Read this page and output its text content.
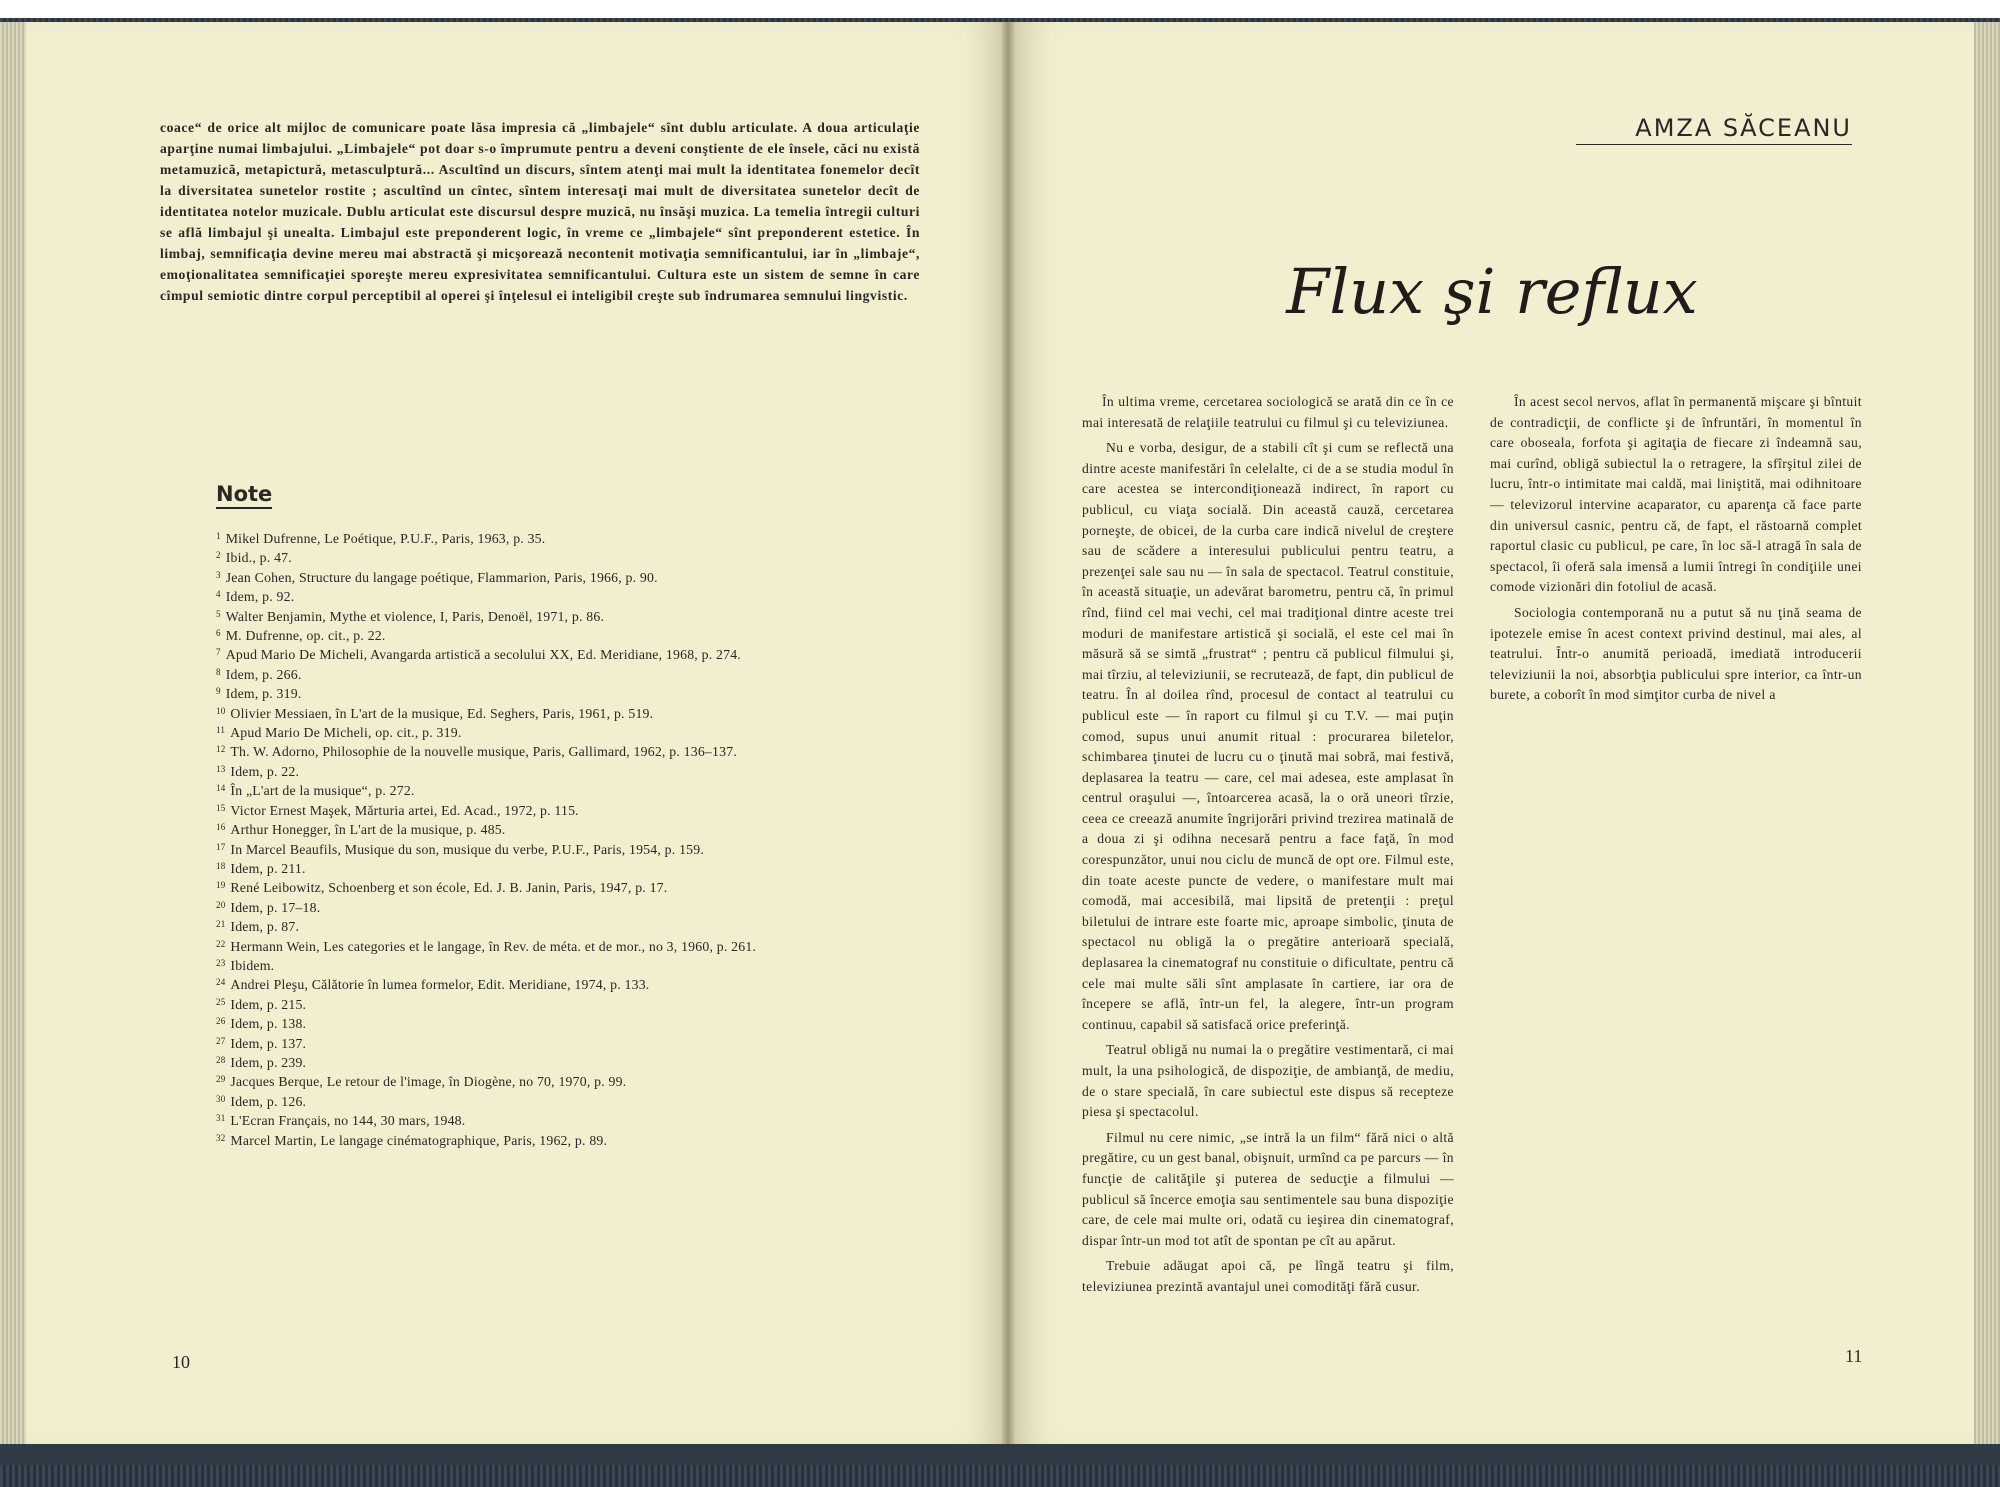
coace“ de orice alt mijloc de comunicare poate lăsa impresia că „limbajele“ sînt dublu articulate. A doua articulaţie aparţine numai limbajului. „Limbajele“ pot doar s-o împrumute pentru a deveni conştiente de ele însele, căci nu există metamuzică, metapictură, metasculptură... Ascultînd un discurs, sîntem atenţi mai mult la identitatea fonemelor decît la diversitatea sunetelor rostite ; ascultînd un cîntec, sîntem interesaţi mai mult de diversitatea sunetelor decît de identitatea notelor muzicale. Dublu articulat este discursul despre muzică, nu însăşi muzica. La temelia întregii culturi se află limbajul şi unealta. Limbajul este preponderent logic, în vreme ce „limbajele“ sînt preponderent estetice. În limbaj, semnificaţia devine mereu mai abstractă şi micşorează necontenit motivaţia semnificantului, iar în „limbaje“, emoţionalitatea semnificaţiei sporeşte mereu expresivitatea semnificantului. Cultura este un sistem de semne în care cîmpul semiotic dintre corpul perceptibil al operei şi înţelesul ei inteligibil creşte sub îndrumarea semnului lingvistic.
Note
$^1$ Mikel Dufrenne, Le Poétique, P.U.F., Paris, 1963, p. 35.
$^2$ Ibid., p. 47.
$^3$ Jean Cohen, Structure du langage poétique, Flammarion, Paris, 1966, p. 90.
$^4$ Idem, p. 92.
$^5$ Walter Benjamin, Mythe et violence, I, Paris, Denoël, 1971, p. 86.
$^6$ M. Dufrenne, op. cit., p. 22.
$^7$ Apud Mario De Micheli, Avangarda artistică a secolului XX, Ed. Meridiane, 1968, p. 274.
$^8$ Idem, p. 266.
$^9$ Idem, p. 319.
$^{10}$ Olivier Messiaen, în L'art de la musique, Ed. Seghers, Paris, 1961, p. 519.
$^{11}$ Apud Mario De Micheli, op. cit., p. 319.
$^{12}$ Th. W. Adorno, Philosophie de la nouvelle musique, Paris, Gallimard, 1962, p. 136–137.
$^{13}$ Idem, p. 22.
$^{14}$ În „L'art de la musique“, p. 272.
$^{15}$ Victor Ernest Maşek, Mărturia artei, Ed. Acad., 1972, p. 115.
$^{16}$ Arthur Honegger, în L'art de la musique, p. 485.
$^{17}$ In Marcel Beaufils, Musique du son, musique du verbe, P.U.F., Paris, 1954, p. 159.
$^{18}$ Idem, p. 211.
$^{19}$ René Leibowitz, Schoenberg et son école, Ed. J. B. Janin, Paris, 1947, p. 17.
$^{20}$ Idem, p. 17–18.
$^{21}$ Idem, p. 87.
$^{22}$ Hermann Wein, Les categories et le langage, în Rev. de méta. et de mor., no 3, 1960, p. 261.
$^{23}$ Ibidem.
$^{24}$ Andrei Pleşu, Călătorie în lumea formelor, Edit. Meridiane, 1974, p. 133.
$^{25}$ Idem, p. 215.
$^{26}$ Idem, p. 138.
$^{27}$ Idem, p. 137.
$^{28}$ Idem, p. 239.
$^{29}$ Jacques Berque, Le retour de l'image, în Diogène, no 70, 1970, p. 99.
$^{30}$ Idem, p. 126.
$^{31}$ L'Ecran Français, no 144, 30 mars, 1948.
$^{32}$ Marcel Martin, Le langage cinématographique, Paris, 1962, p. 89.
10
AMZA SĂCEANU
Flux şi reflux

În ultima vreme, cercetarea sociologică se arată din ce în ce mai interesată de relaţiile teatrului cu filmul şi cu televiziunea.

Nu e vorba, desigur, de a stabili cît şi cum se reflectă una dintre aceste manifestări în celelalte, ci de a se studia modul în care acestea se intercondiţionează indirect, în raport cu publicul, cu viaţa socială. Din această cauză, cercetarea porneşte, de obicei, de la curba care indică nivelul de creştere sau de scădere a interesului publicului pentru teatru, a prezenţei sale sau nu — în sala de spectacol. Teatrul constituie, în această situaţie, un adevărat barometru, pentru că, în primul rînd, fiind cel mai vechi, cel mai tradiţional dintre aceste trei moduri de manifestare artistică şi socială, el este cel mai în măsură să se simtă „frustrat“ ; pentru că publicul filmului şi, mai tîrziu, al televiziunii, se recrutează, de fapt, din publicul de teatru. În al doilea rînd, procesul de contact al teatrului cu publicul este — în raport cu filmul şi cu T.V. — mai puţin comod, supus unui anumit ritual : procurarea biletelor, schimbarea ţinutei de lucru cu o ţinută mai sobră, mai festivă, deplasarea la teatru — care, cel mai adesea, este amplasat în centrul oraşului —, întoarcerea acasă, la o oră uneori tîrzie, ceea ce creează anumite îngrijorări privind trezirea matinală de a doua zi şi odihna necesară pentru a face faţă, în mod corespunzător, unui nou ciclu de muncă de opt ore. Filmul este, din toate aceste puncte de vedere, o manifestare mult mai comodă, mai accesibilă, mai lipsită de pretenţii : preţul biletului de intrare este foarte mic, aproape simbolic, ţinuta de spectacol nu obligă la o pregătire anterioară specială, deplasarea la cinematograf nu constituie o dificultate, pentru că cele mai multe săli sînt amplasate în cartiere, iar ora de începere se află, într-un fel, la alegere, într-un program continuu, capabil să satisfacă orice preferinţă.

Teatrul obligă nu numai la o pregătire vestimentară, ci mai mult, la una psihologică, de dispoziţie, de ambianţă, de mediu, de o stare specială, în care subiectul este dispus să recepteze piesa şi spectacolul.

Filmul nu cere nimic, „se intră la un film“ fără nici o altă pregătire, cu un gest banal, obişnuit, urmînd ca pe parcurs — în funcţie de calităţile şi puterea de seducţie a filmului — publicul să încerce emoţia sau sentimentele sau buna dispoziţie care, de cele mai multe ori, odată cu ieşirea din cinematograf, dispar într-un mod tot atît de spontan pe cît au apărut.

Trebuie adăugat apoi că, pe lîngă teatru şi film, televiziunea prezintă avantajul unei comodităţi fără cusur.

În acest secol nervos, aflat în permanentă mişcare şi bîntuit de contradicţii, de conflicte şi de înfruntări, în momentul în care oboseala, forfota şi agitaţia de fiecare zi îndeamnă sau, mai curînd, obligă subiectul la o retragere, la sfîrşitul zilei de lucru, într-o intimitate mai caldă, mai liniştită, mai odihnitoare — televizorul intervine acaparator, cu aparenţa că face parte din universul casnic, pentru că, de fapt, el răstoarnă complet raportul clasic cu publicul, pe care, în loc să-l atragă în sala de spectacol, îi oferă sala imensă a lumii întregi în condiţiile unei comode vizionări din fotoliul de acasă.

Sociologia contemporană nu a putut să nu ţină seama de ipotezele emise în acest context privind destinul, mai ales, al teatrului. Într-o anumită perioadă, imediată introducerii televiziunii la noi, absorbţia publicului spre interior, ca într-un burete, a coborît în mod simţitor curba de nivel a

11
